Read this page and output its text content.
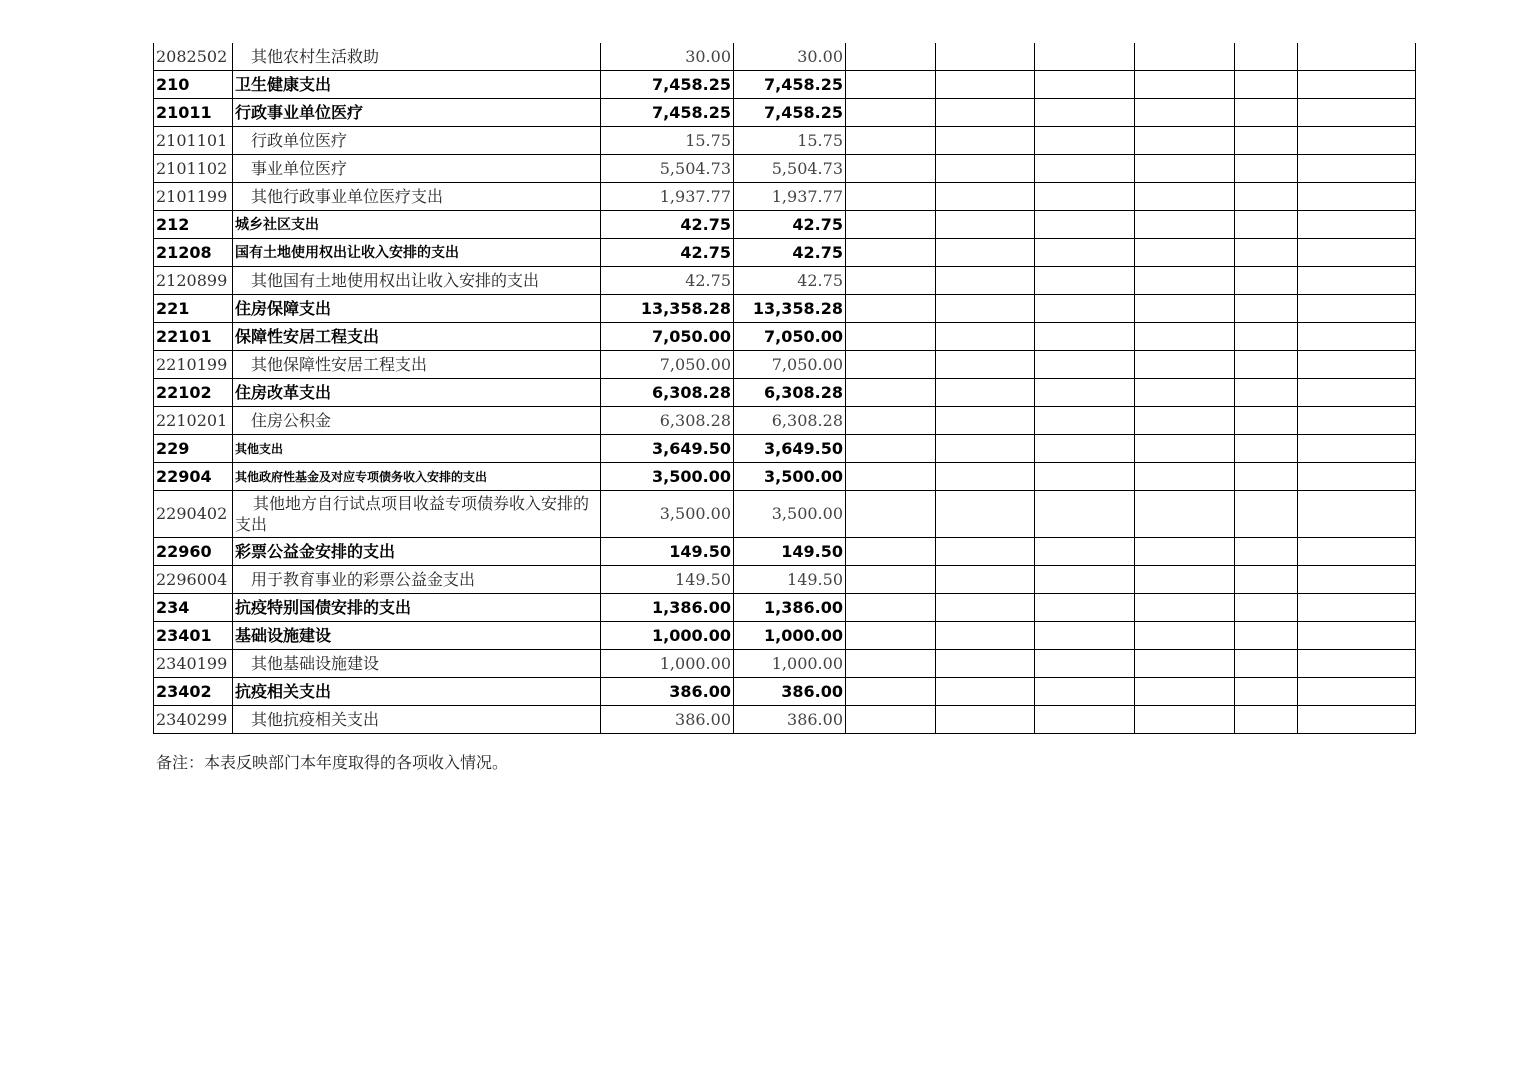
2082502	其他农村生活救助	30.00	30.00						
210	卫生健康支出	7,458.25	7,458.25						
21011	行政事业单位医疗	7,458.25	7,458.25						
2101101	行政单位医疗	15.75	15.75						
2101102	事业单位医疗	5,504.73	5,504.73						
2101199	其他行政事业单位医疗支出	1,937.77	1,937.77						
212	城乡社区支出	42.75	42.75						
21208	国有土地使用权出让收入安排的支出	42.75	42.75						
2120899	其他国有土地使用权出让收入安排的支出	42.75	42.75						
221	住房保障支出	13,358.28	13,358.28						
22101	保障性安居工程支出	7,050.00	7,050.00						
2210199	其他保障性安居工程支出	7,050.00	7,050.00						
22102	住房改革支出	6,308.28	6,308.28						
2210201	住房公积金	6,308.28	6,308.28						
229	其他支出	3,649.50	3,649.50						
22904	其他政府性基金及对应专项债务收入安排的支出	3,500.00	3,500.00						
2290402	其他地方自行试点项目收益专项债券收入安排的支出	3,500.00	3,500.00						
22960	彩票公益金安排的支出	149.50	149.50						
2296004	用于教育事业的彩票公益金支出	149.50	149.50						
234	抗疫特别国债安排的支出	1,386.00	1,386.00						
23401	基础设施建设	1,000.00	1,000.00						
2340199	其他基础设施建设	1,000.00	1,000.00						
23402	抗疫相关支出	386.00	386.00						
2340299	其他抗疫相关支出	386.00	386.00						
备注：本表反映部门本年度取得的各项收入情况。
